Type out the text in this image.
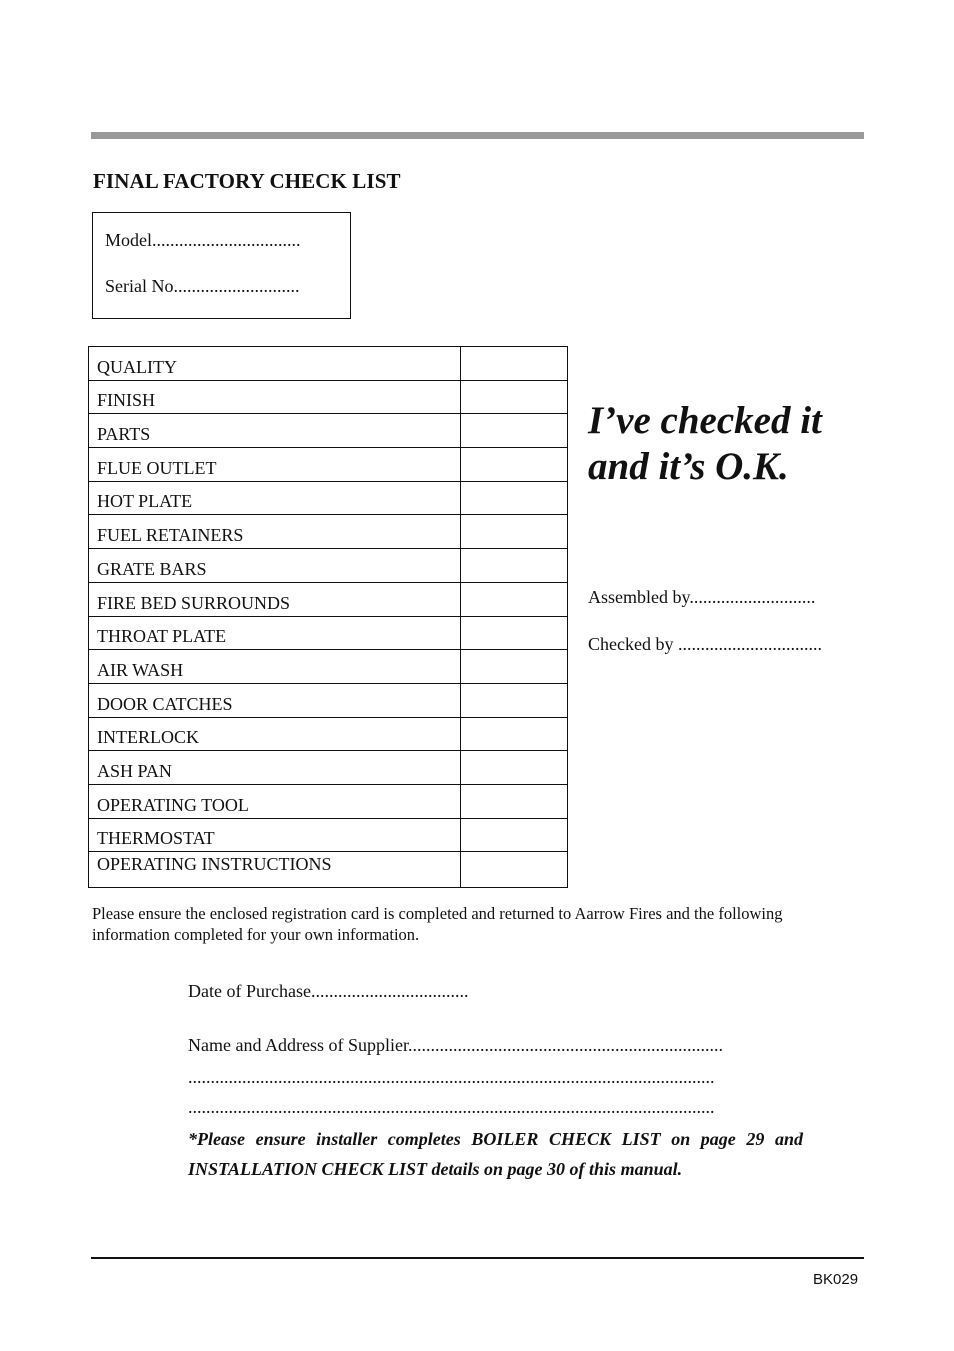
FINAL FACTORY CHECK LIST
Model.................................
Serial No............................
QUALITY	
FINISH	
PARTS	
FLUE OUTLET	
HOT PLATE	
FUEL RETAINERS	
GRATE BARS	
FIRE BED SURROUNDS	
THROAT PLATE	
AIR WASH	
DOOR CATCHES	
INTERLOCK	
ASH PAN	
OPERATING TOOL	
THERMOSTAT	
OPERATING INSTRUCTIONS	
I’ve checked it
and it’s O.K.
Assembled by............................
Checked by ................................
Please ensure the enclosed registration card is completed and returned to Aarrow Fires and the following information completed for your own information.
Date of Purchase...................................
Name and Address of Supplier......................................................................
.....................................................................................................................
.....................................................................................................................
*Please ensure installer completes BOILER CHECK LIST on page 29 and
INSTALLATION CHECK LIST details on page 30 of this manual.
BK029
